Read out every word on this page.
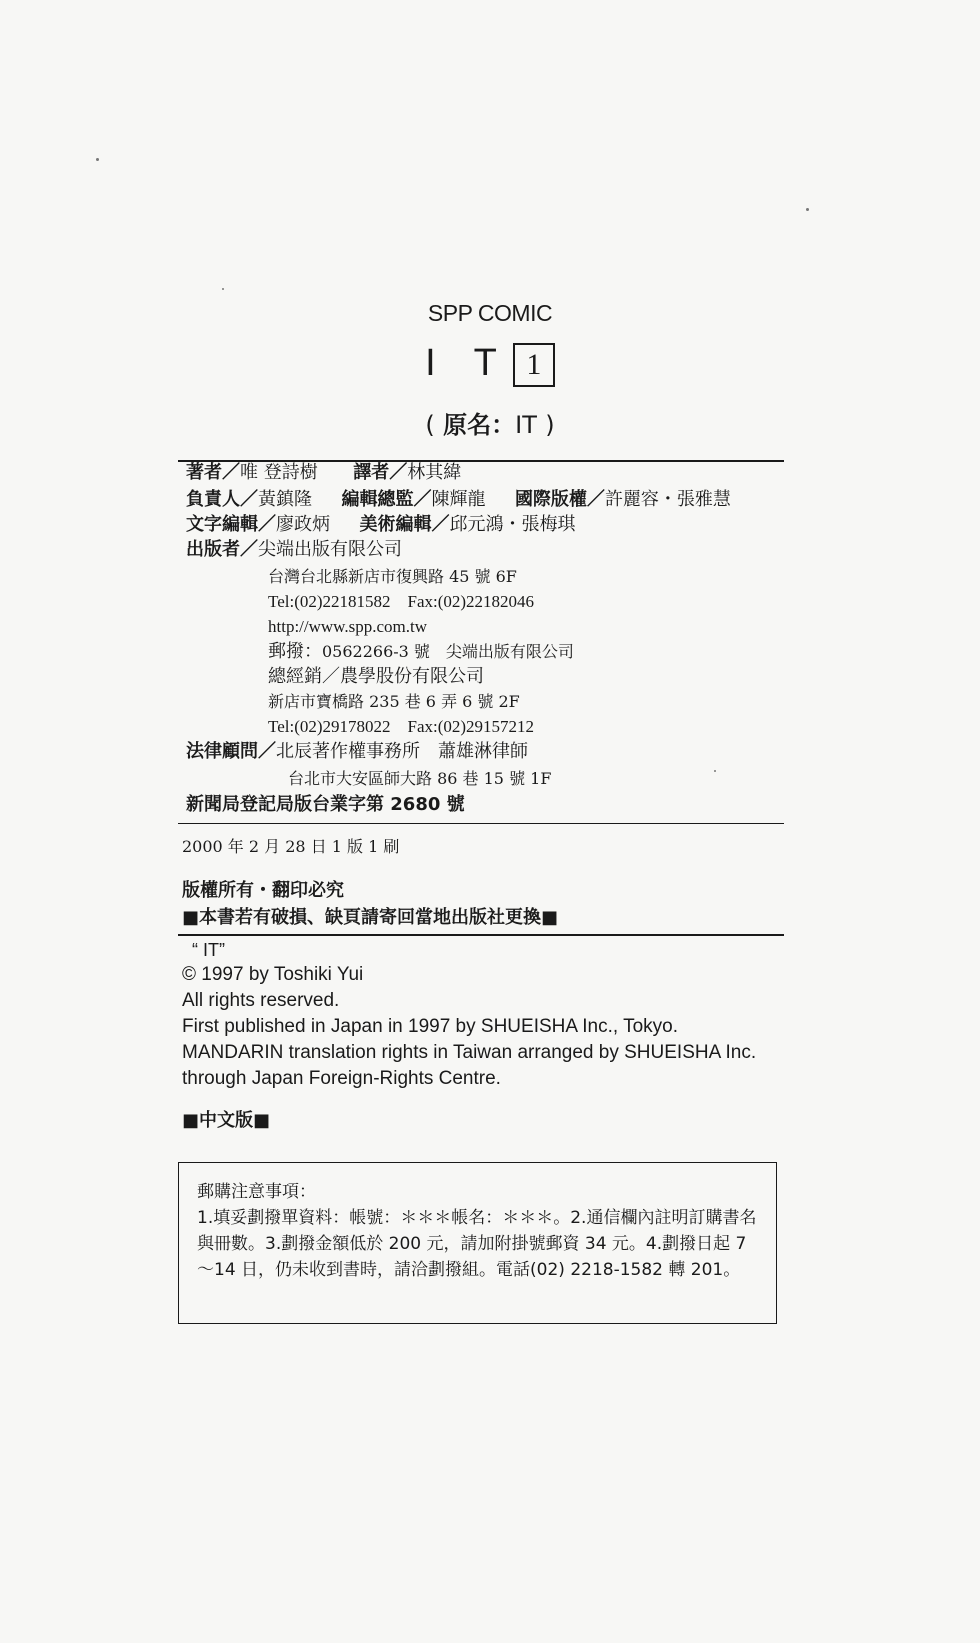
SPP COMIC
I T 1
( 原名：IT )
著者／唯 登詩樹 譯者／林其緯
負責人／黃鎮隆 編輯總監／陳輝龍 國際版權／許麗容・張雅慧
文字編輯／廖政炳 美術編輯／邱元鴻・張梅琪
出版者／尖端出版有限公司
台灣台北縣新店市復興路 45 號 6F
Tel:(02)22181582　Fax:(02)22182046
http://www.spp.com.tw
郵撥：0562266-3 號　尖端出版有限公司
總經銷／農學股份有限公司
新店市寶橋路 235 巷 6 弄 6 號 2F
Tel:(02)29178022　Fax:(02)29157212
法律顧問／北辰著作權事務所　蕭雄淋律師
台北市大安區師大路 86 巷 15 號 1F
新聞局登記局版台業字第 2680 號
2000 年 2 月 28 日 1 版 1 刷
版權所有・翻印必究
■本書若有破損、缺頁請寄回當地出版社更換■
“ IT”
© 1997 by Toshiki Yui
All rights reserved.
First published in Japan in 1997 by SHUEISHA Inc., Tokyo.
MANDARIN translation rights in Taiwan arranged by SHUEISHA Inc.
through Japan Foreign-Rights Centre.
■中文版■
郵購注意事項：
1.填妥劃撥單資料：帳號：＊＊＊帳名：＊＊＊。2.通信欄內註明訂購書名與冊數。3.劃撥金額低於 200 元，請加附掛號郵資 34 元。4.劃撥日起 7～14 日，仍未收到書時，請洽劃撥組。電話(02) 2218-1582 轉 201。
